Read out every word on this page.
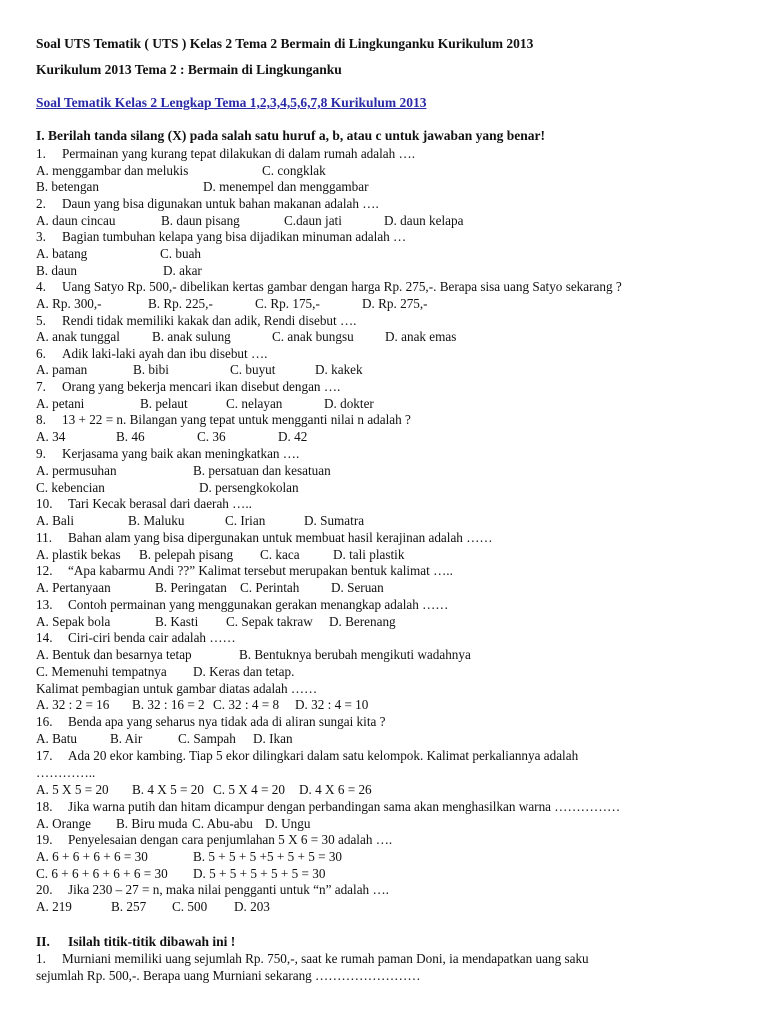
Soal UTS Tematik ( UTS ) Kelas 2 Tema 2 Bermain di Lingkunganku Kurikulum 2013
Kurikulum 2013 Tema 2 : Bermain di Lingkunganku
Soal Tematik Kelas 2 Lengkap Tema 1,2,3,4,5,6,7,8 Kurikulum 2013
I. Berilah tanda silang (X) pada salah satu huruf a, b, atau c untuk jawaban yang benar!
1. Permainan yang kurang tepat dilakukan di dalam rumah adalah ….
A. menggambar dan melukis	C. congklak
B. betengan	D. menempel dan menggambar
2. Daun yang bisa digunakan untuk bahan makanan adalah ….
A. daun cincau	B. daun pisang	C.daun jati	D. daun kelapa
3. Bagian tumbuhan kelapa yang bisa dijadikan minuman adalah …
A. batang	C. buah
B. daun	D. akar
4. Uang Satyo Rp. 500,- dibelikan kertas gambar dengan harga Rp. 275,-. Berapa sisa uang Satyo sekarang ?
A. Rp. 300,-	B. Rp. 225,-	C. Rp. 175,-	D. Rp. 275,-
5. Rendi tidak memiliki kakak dan adik, Rendi disebut ….
A. anak tunggal B. anak sulung	C. anak bungsu D. anak emas
6. Adik laki-laki ayah dan ibu disebut ….
A. paman	B. bibi	C. buyut	D. kakek
7. Orang yang bekerja mencari ikan disebut dengan ….
A. petani	B. pelaut	C. nelayan	D. dokter
8. 13 + 22 = n. Bilangan yang tepat untuk mengganti nilai n adalah ?
A. 34	B. 46	C. 36	D. 42
9. Kerjasama yang baik akan meningkatkan ….
A. permusuhan	B. persatuan dan kesatuan
C. kebencian	D. persengkokolan
10. Tari Kecak berasal dari daerah …..
A. Bali	B. Maluku	C. Irian	D. Sumatra
11. Bahan alam yang bisa dipergunakan untuk membuat hasil kerajinan adalah ……
A. plastik bekas B. pelepah pisang C. kaca	D. tali plastik
12. “Apa kabarmu Andi ??” Kalimat tersebut merupakan bentuk kalimat …..
A. Pertanyaan	B. Peringatan C. Perintah D. Seruan
13. Contoh permainan yang menggunakan gerakan menangkap adalah ……
A. Sepak bola	B. Kasti C. Sepak takraw D. Berenang
14. Ciri-ciri benda cair adalah ……
A. Bentuk dan besarnya tetap	B. Bentuknya berubah mengikuti wadahnya
C. Memenuhi tempatnya D. Keras dan tetap.
Kalimat pembagian untuk gambar diatas adalah ……
A. 32 : 2 = 16 B. 32 : 16 = 2 C. 32 : 4 = 8 D. 32 : 4 = 10
16. Benda apa yang seharus nya tidak ada di aliran sungai kita ?
A. Batu B. Air	C. Sampah D. Ikan
17. Ada 20 ekor kambing. Tiap 5 ekor dilingkari dalam satu kelompok. Kalimat perkaliannya adalah
…………..
A. 5 X 5 = 20 B. 4 X 5 = 20 C. 5 X 4 = 20 D. 4 X 6 = 26
18. Jika warna putih dan hitam dicampur dengan perbandingan sama akan menghasilkan warna ……………
A. Orange B. Biru muda C. Abu-abu D. Ungu
19. Penyelesaian dengan cara penjumlahan 5 X 6 = 30 adalah ….
A. 6 + 6 + 6 + 6 = 30	B. 5 + 5 + 5 +5 + 5 + 5 = 30
C. 6 + 6 + 6 + 6 + 6 = 30 D. 5 + 5 + 5 + 5 + 5 = 30
20. Jika 230 – 27 = n, maka nilai pengganti untuk “n” adalah ….
A. 219	B. 257 C. 500 D. 203
II. Isilah titik-titik dibawah ini !
1. Murniani memiliki uang sejumlah Rp. 750,-, saat ke rumah paman Doni, ia mendapatkan uang saku
sejumlah Rp. 500,-. Berapa uang Murniani sekarang ……………………
